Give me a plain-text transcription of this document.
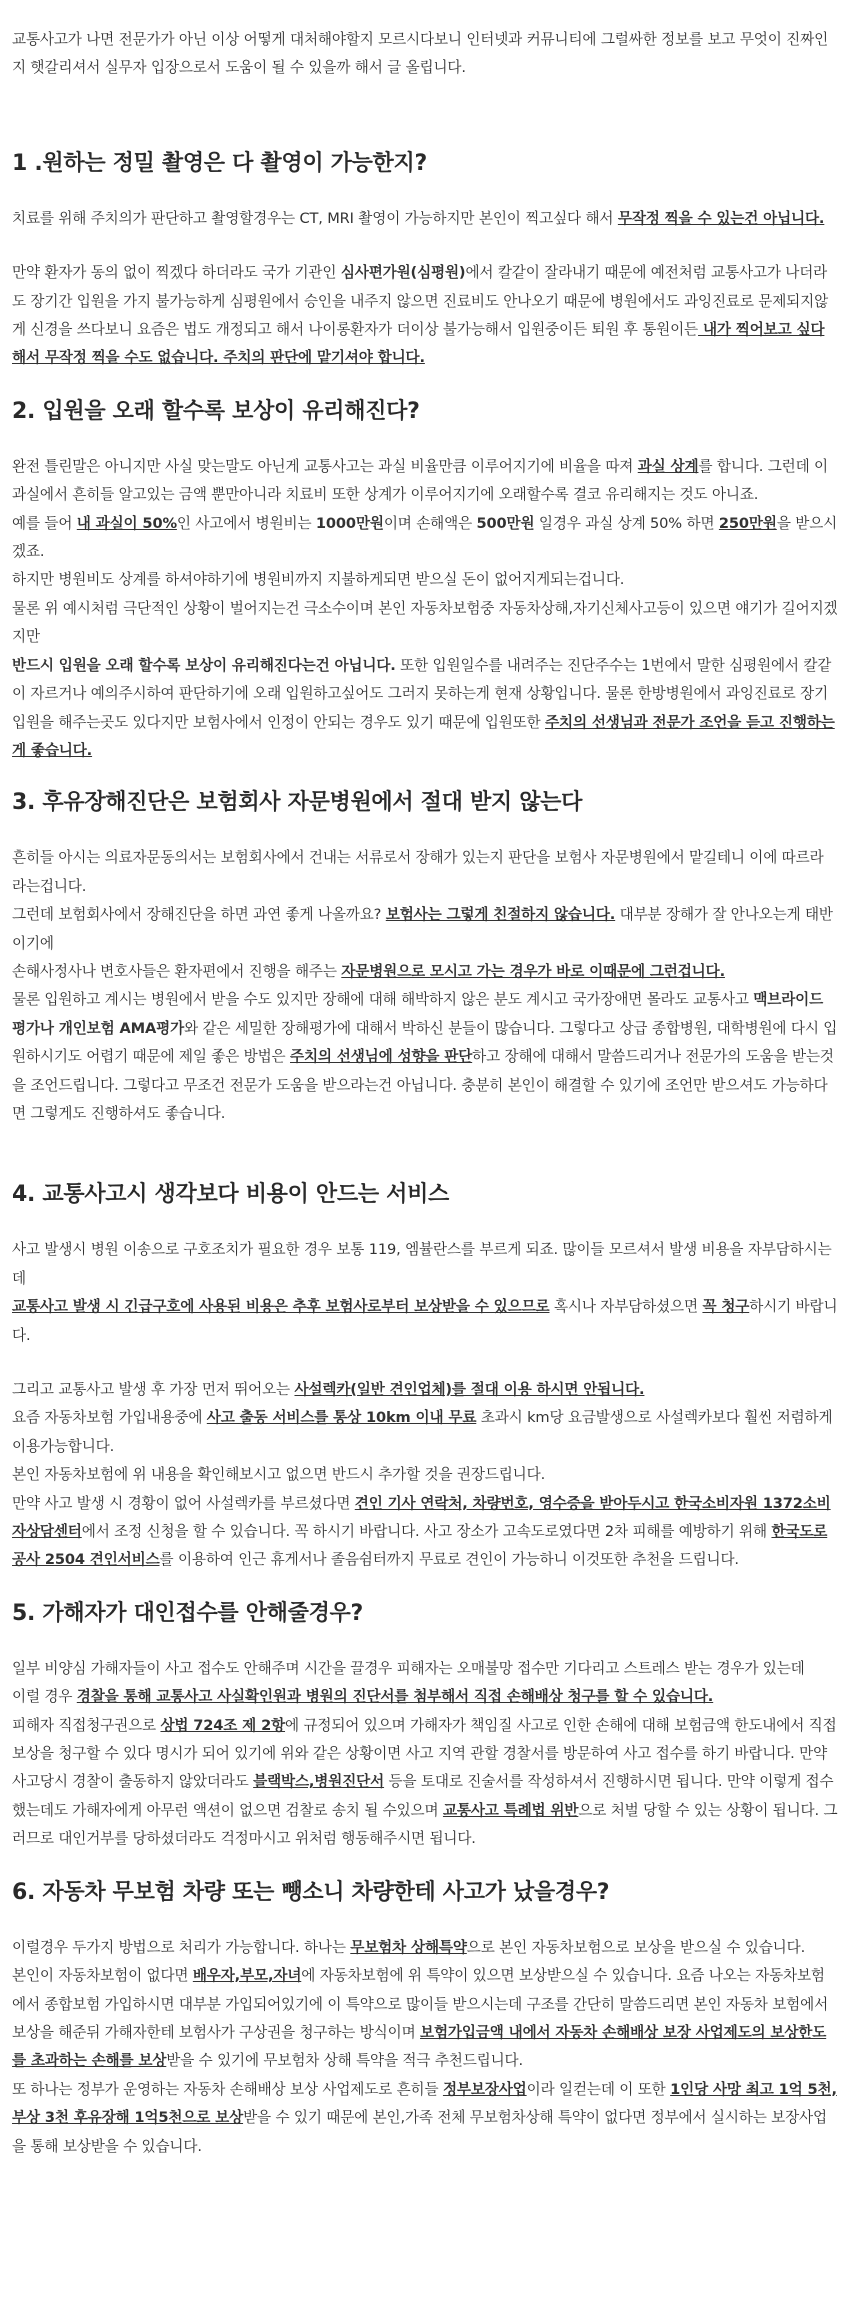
교통사고가 나면 전문가가 아닌 이상 어떻게 대처해야할지 모르시다보니 인터넷과 커뮤니티에 그럴싸한 정보를 보고 무엇이 진짜인지 햇갈리셔서 실무자 입장으로서 도움이 될 수 있을까 해서 글 올립니다.
1 .원하는 정밀 촬영은 다 촬영이 가능한지?
치료를 위해 주치의가 판단하고 촬영할경우는 CT, MRI 촬영이 가능하지만 본인이 찍고싶다 해서 무작정 찍을 수 있는건 아닙니다.
만약 환자가 동의 없이 찍겠다 하더라도 국가 기관인 심사편가원(심평원)에서 칼같이 잘라내기 때문에 예전처럼 교통사고가 나더라도 장기간 입원을 가지 불가능하게 심평원에서 승인을 내주지 않으면 진료비도 안나오기 때문에 병원에서도 과잉진료로 문제되지않게 신경을 쓰다보니 요즘은 법도 개정되고 해서 나이롱환자가 더이상 불가능해서 입원중이든 퇴원 후 통원이든 내가 찍어보고 싶다해서 무작정 찍을 수도 없습니다. 주치의 판단에 맡기셔야 합니다.
2. 입원을 오래 할수록 보상이 유리해진다?
완전 틀린말은 아니지만 사실 맞는말도 아닌게 교통사고는 과실 비율만큼 이루어지기에 비율을 따져 과실 상계를 합니다. 그런데 이 과실에서 흔히들 알고있는 금액 뿐만아니라 치료비 또한 상계가 이루어지기에 오래할수록 결코 유리해지는 것도 아니죠.
예를 들어 내 과실이 50%인 사고에서 병원비는 1000만원이며 손해액은 500만원 일경우 과실 상계 50% 하면 250만원을 받으시겠죠.
하지만 병원비도 상계를 하셔야하기에 병원비까지 지불하게되면 받으실 돈이 없어지게되는겁니다.
물론 위 예시처럼 극단적인 상황이 벌어지는건 극소수이며 본인 자동차보험중 자동차상해,자기신체사고등이 있으면 얘기가 길어지겠지만
반드시 입원을 오래 할수록 보상이 유리해진다는건 아닙니다. 또한 입원일수를 내려주는 진단주수는 1번에서 말한 심평원에서 칼같이 자르거나 예의주시하여 판단하기에 오래 입원하고싶어도 그러지 못하는게 현재 상황입니다. 물론 한방병원에서 과잉진료로 장기입원을 해주는곳도 있다지만 보험사에서 인정이 안되는 경우도 있기 때문에 입원또한 주치의 선생님과 전문가 조언을 듣고 진행하는게 좋습니다.
3. 후유장해진단은 보험회사 자문병원에서 절대 받지 않는다
흔히들 아시는 의료자문동의서는 보험회사에서 건내는 서류로서 장해가 있는지 판단을 보험사 자문병원에서 맡길테니 이에 따르라 라는겁니다.
그런데 보험회사에서 장해진단을 하면 과연 좋게 나올까요? 보험사는 그렇게 친절하지 않습니다. 대부분 장해가 잘 안나오는게 태반이기에
손해사정사나 변호사들은 환자편에서 진행을 해주는 자문병원으로 모시고 가는 경우가 바로 이때문에 그런겁니다.
물론 입원하고 계시는 병원에서 받을 수도 있지만 장해에 대해 해박하지 않은 분도 계시고 국가장애면 몰라도 교통사고 맥브라이드 평가나 개인보험 AMA평가와 같은 세밀한 장해평가에 대해서 박하신 분들이 많습니다. 그렇다고 상급 종합병원, 대학병원에 다시 입원하시기도 어렵기 때문에 제일 좋은 방법은 주치의 선생님에 성향을 판단하고 장해에 대해서 말씀드리거나 전문가의 도움을 받는것을 조언드립니다. 그렇다고 무조건 전문가 도움을 받으라는건 아닙니다. 충분히 본인이 해결할 수 있기에 조언만 받으셔도 가능하다면 그렇게도 진행하셔도 좋습니다.
4. 교통사고시 생각보다 비용이 안드는 서비스
사고 발생시 병원 이송으로 구호조치가 필요한 경우 보통 119, 엠뷸란스를 부르게 되죠. 많이들 모르셔서 발생 비용을 자부담하시는데
교통사고 발생 시 긴급구호에 사용된 비용은 추후 보험사로부터 보상받을 수 있으므로 혹시나 자부담하셨으면 꼭 청구하시기 바랍니다.
그리고 교통사고 발생 후 가장 먼저 뛰어오는 사설렉카(일반 견인업체)를 절대 이용 하시면 안됩니다.
요즘 자동차보험 가입내용중에 사고 출동 서비스를 통상 10km 이내 무료 초과시 km당 요금발생으로 사설렉카보다 훨씬 저렴하게 이용가능합니다.
본인 자동차보험에 위 내용을 확인해보시고 없으면 반드시 추가할 것을 권장드립니다.
만약 사고 발생 시 경황이 없어 사설렉카를 부르셨다면 견인 기사 연락처, 차량번호, 영수증을 받아두시고 한국소비자원 1372소비자상담센터에서 조정 신청을 할 수 있습니다. 꼭 하시기 바랍니다. 사고 장소가 고속도로였다면 2차 피해를 예방하기 위해 한국도로공사 2504 견인서비스를 이용하여 인근 휴게서나 졸음쉼터까지 무료로 견인이 가능하니 이것또한 추천을 드립니다.
5. 가해자가 대인접수를 안해줄경우?
일부 비양심 가해자들이 사고 접수도 안해주며 시간을 끌경우 피해자는 오매불망 접수만 기다리고 스트레스 받는 경우가 있는데
이럴 경우 경찰을 통해 교통사고 사실확인원과 병원의 진단서를 첨부해서 직접 손해배상 청구를 할 수 있습니다.
피해자 직접청구권으로 상법 724조 제 2항에 규정되어 있으며 가해자가 책임질 사고로 인한 손해에 대해 보험금액 한도내에서 직접 보상을 청구할 수 있다 명시가 되어 있기에 위와 같은 상황이면 사고 지역 관할 경찰서를 방문하여 사고 접수를 하기 바랍니다. 만약 사고당시 경찰이 출동하지 않았더라도 블랙박스,병원진단서 등을 토대로 진술서를 작성하셔서 진행하시면 됩니다. 만약 이렇게 접수 했는데도 가해자에게 아무런 액션이 없으면 검찰로 송치 될 수있으며 교통사고 특례법 위반으로 처벌 당할 수 있는 상황이 됩니다. 그러므로 대인거부를 당하셨더라도 걱정마시고 위처럼 행동해주시면 됩니다.
6. 자동차 무보험 차량 또는 뺑소니 차량한테 사고가 났을경우?
이럴경우 두가지 방법으로 처리가 가능합니다. 하나는 무보험차 상해특약으로 본인 자동차보험으로 보상을 받으실 수 있습니다.
본인이 자동차보험이 없다면 배우자,부모,자녀에 자동차보험에 위 특약이 있으면 보상받으실 수 있습니다. 요즘 나오는 자동차보험에서 종합보험 가입하시면 대부분 가입되어있기에 이 특약으로 많이들 받으시는데 구조를 간단히 말씀드리면 본인 자동차 보험에서 보상을 해준뒤 가해자한테 보험사가 구상권을 청구하는 방식이며 보험가입금액 내에서 자동차 손해배상 보장 사업제도의 보상한도를 초과하는 손해를 보상받을 수 있기에 무보험차 상해 특약을 적극 추천드립니다.
또 하나는 정부가 운영하는 자동차 손해배상 보상 사업제도로 흔히들 정부보장사업이라 일컫는데 이 또한 1인당 사망 최고 1억 5천, 부상 3천 후유장해 1억5천으로 보상받을 수 있기 때문에 본인,가족 전체 무보험차상해 특약이 없다면 정부에서 실시하는 보장사업을 통해 보상받을 수 있습니다.
